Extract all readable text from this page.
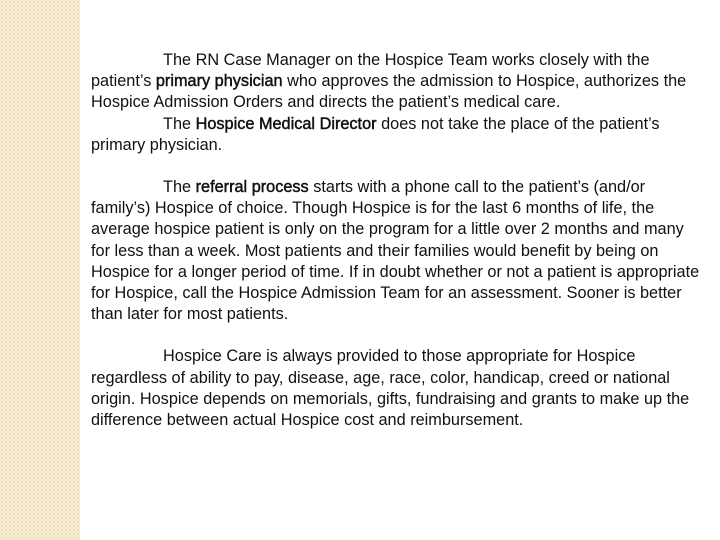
The RN Case Manager on the Hospice Team works closely with the patient’s primary physician who approves the admission to Hospice, authorizes the Hospice Admission Orders and directs the patient’s medical care.

The Hospice Medical Director does not take the place of the patient’s primary physician.

The referral process starts with a phone call to the patient’s (and/or family’s) Hospice of choice. Though Hospice is for the last 6 months of life, the average hospice patient is only on the program for a little over 2 months and many for less than a week. Most patients and their families would benefit by being on Hospice for a longer period of time. If in doubt whether or not a patient is appropriate for Hospice, call the Hospice Admission Team for an assessment. Sooner is better than later for most patients.

Hospice Care is always provided to those appropriate for Hospice regardless of ability to pay, disease, age, race, color, handicap, creed or national origin. Hospice depends on memorials, gifts, fundraising and grants to make up the difference between actual Hospice cost and reimbursement.
